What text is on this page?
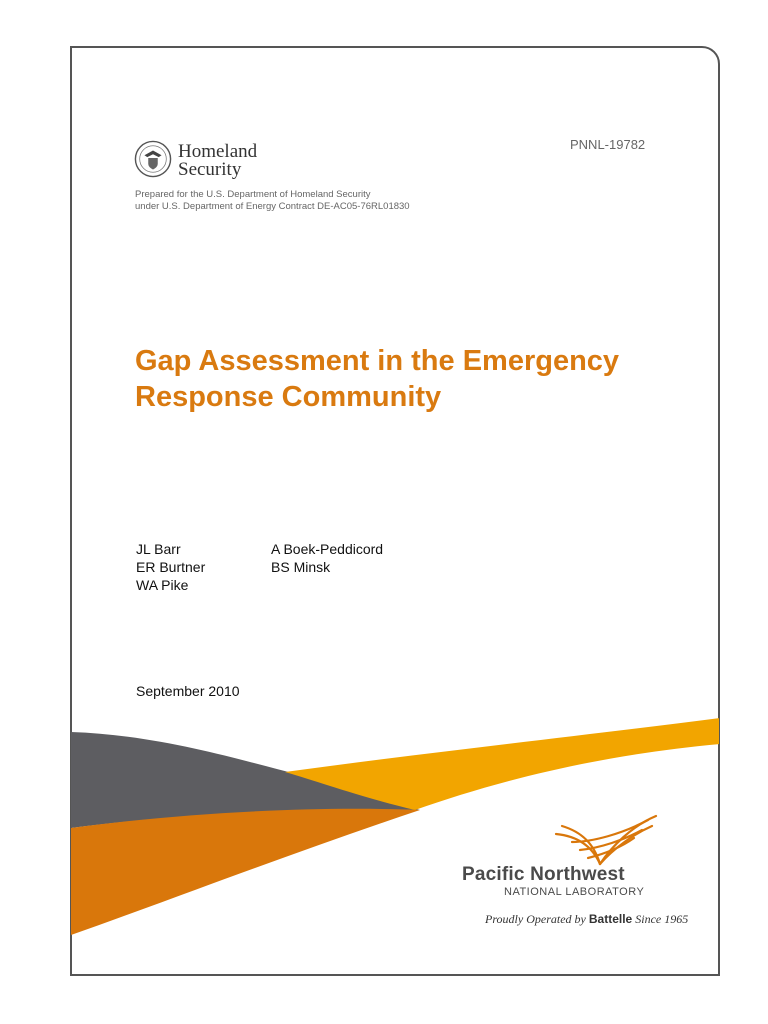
PNNL-19782
Homeland
Security
Prepared for the U.S. Department of Homeland Security
under U.S. Department of Energy Contract DE-AC05-76RL01830
Gap Assessment in the Emergency
Response Community
JL Barr
ER Burtner
WA Pike
A Boek-Peddicord
BS Minsk
September 2010
Pacific Northwest
NATIONAL LABORATORY
Proudly Operated by Battelle Since 1965
